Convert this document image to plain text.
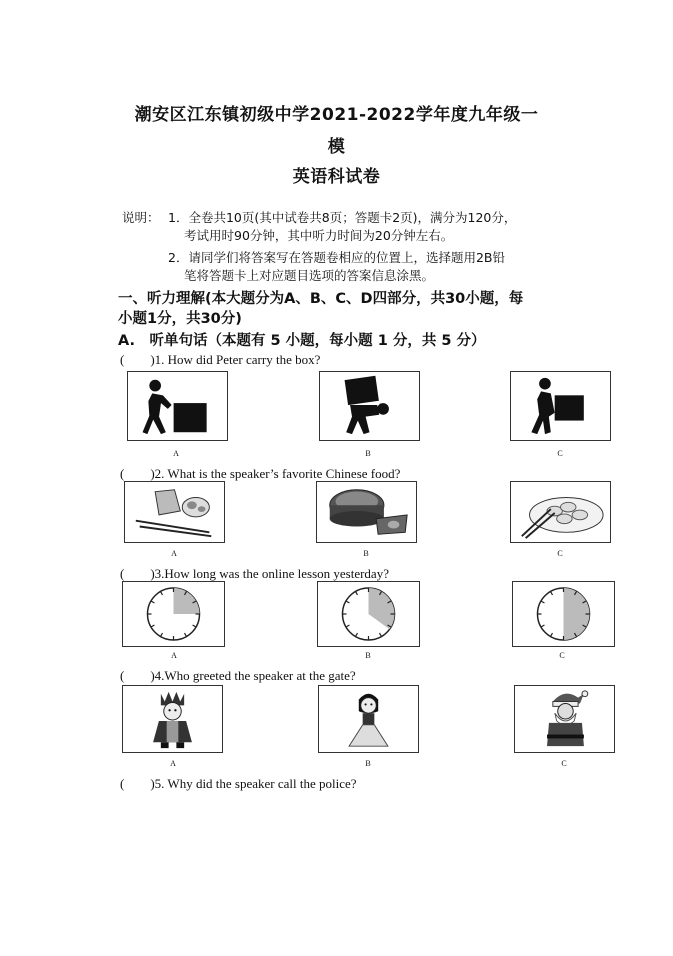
潮安区江东镇初级中学2021-2022学年度九年级一
模
英语科试卷
说明： 1．全卷共10页(其中试卷共8页；答题卡2页)，满分为120分，
考试用时90分钟，其中听力时间为20分钟左右。
2．请同学们将答案写在答题卷相应的位置上，选择题用2B铅
笔将答题卡上对应题目选项的答案信息涂黑。
一、听力理解(本大题分为A、B、C、D四部分，共30小题，每
小题1分，共30分)
A.　听单句话（本题有 5 小题，每小题 1 分，共 5 分）
(　　)1. How did Peter carry the box?
A	B	C
(　　)2. What is the speaker’s favorite Chinese food?
A	B	C
(　　)3.How long was the online lesson yesterday?
A	B	C
(　　)4.Who greeted the speaker at the gate?
A	B	C
(　　)5. Why did the speaker call the police?
